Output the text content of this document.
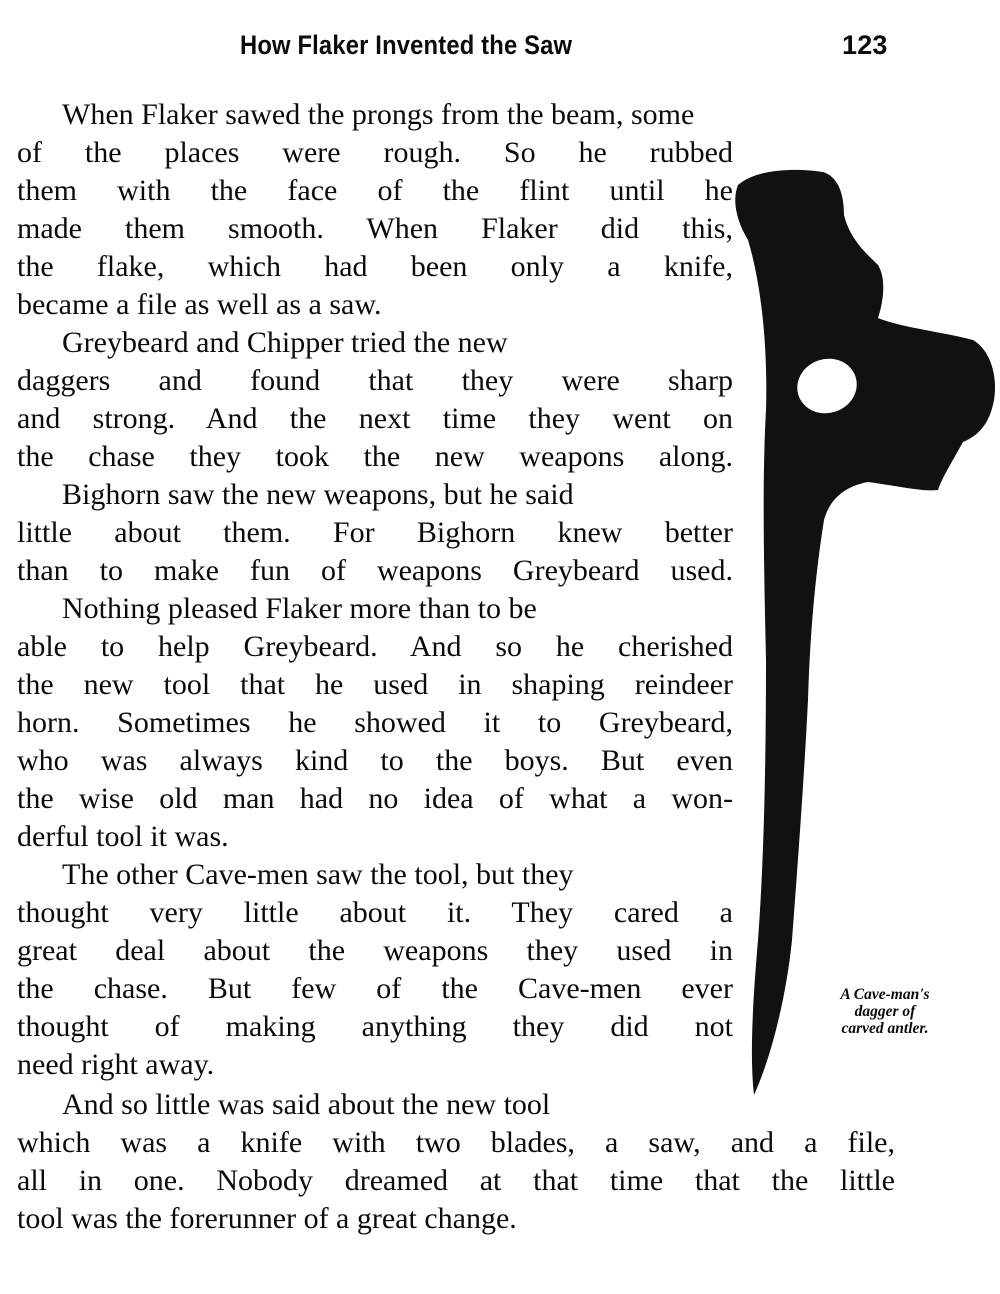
How Flaker Invented the Saw	123
When Flaker sawed the prongs from the beam, some
of the places were rough. So he rubbed
them with the face of the flint until he
made them smooth. When Flaker did this,
the flake, which had been only a knife,
became a file as well as a saw.
Greybeard and Chipper tried the new
daggers and found that they were sharp
and strong. And the next time they went on
the chase they took the new weapons along.
Bighorn saw the new weapons, but he said
little about them. For Bighorn knew better
than to make fun of weapons Greybeard used.
Nothing pleased Flaker more than to be
able to help Greybeard. And so he cherished
the new tool that he used in shaping reindeer
horn. Sometimes he showed it to Greybeard,
who was always kind to the boys. But even
the wise old man had no idea of what a won-
derful tool it was.
The other Cave-men saw the tool, but they
thought very little about it. They cared a
great deal about the weapons they used in
the chase. But few of the Cave-men ever
thought of making anything they did not
need right away.
And so little was said about the new tool
which was a knife with two blades, a saw, and a file,
all in one. Nobody dreamed at that time that the little
tool was the forerunner of a great change.
A Cave-man's
dagger of
carved antler.
